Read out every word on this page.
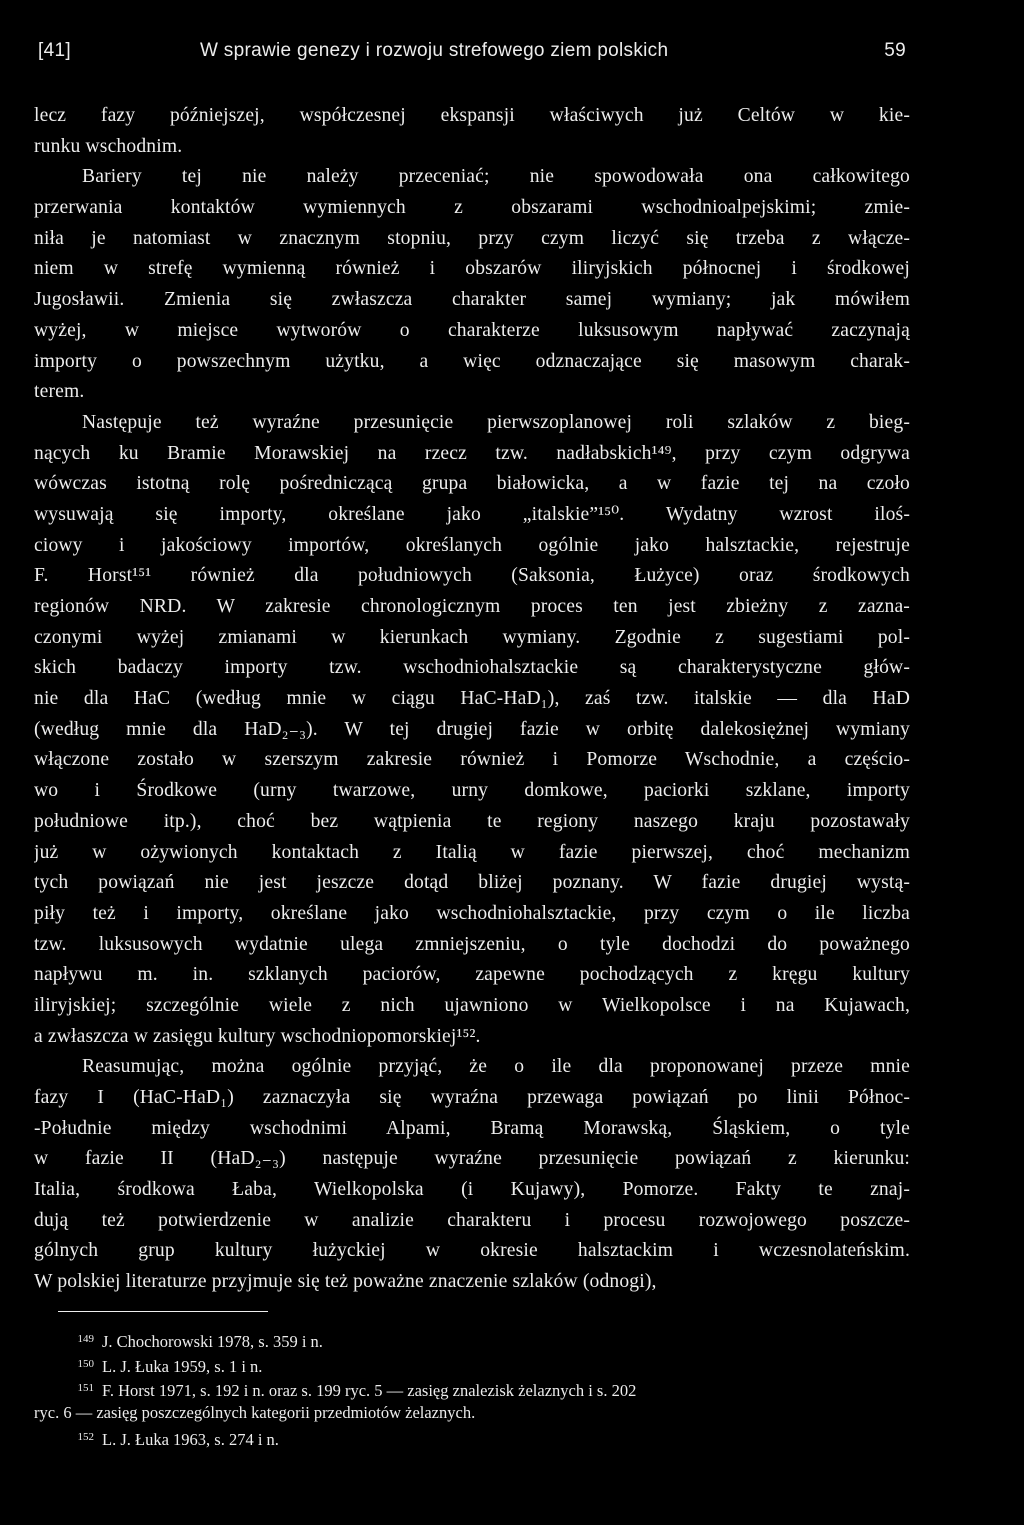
[41]	W sprawie genezy i rozwoju strefowego ziem polskich	59
lecz fazy późniejszej, współczesnej ekspansji właściwych już Celtów w kie-
runku wschodnim.
Bariery tej nie należy przeceniać; nie spowodowała ona całkowitego
przerwania kontaktów wymiennych z obszarami wschodnioalpejskimi; zmie-
niła je natomiast w znacznym stopniu, przy czym liczyć się trzeba z włącze-
niem w strefę wymienną również i obszarów iliryjskich północnej i środkowej
Jugosławii. Zmienia się zwłaszcza charakter samej wymiany; jak mówiłem
wyżej, w miejsce wytworów o charakterze luksusowym napływać zaczynają
importy o powszechnym użytku, a więc odznaczające się masowym charak-
terem.
Następuje też wyraźne przesunięcie pierwszoplanowej roli szlaków z bieg-
nących ku Bramie Morawskiej na rzecz tzw. nadłabskich¹⁴⁹, przy czym odgrywa
wówczas istotną rolę pośredniczącą grupa białowicka, a w fazie tej na czoło
wysuwają się importy, określane jako „italskie”¹⁵⁰. Wydatny wzrost iloś-
ciowy i jakościowy importów, określanych ogólnie jako halsztackie, rejestruje
F. Horst¹⁵¹ również dla południowych (Saksonia, Łużyce) oraz środkowych
regionów NRD. W zakresie chronologicznym proces ten jest zbieżny z zazna-
czonymi wyżej zmianami w kierunkach wymiany. Zgodnie z sugestiami pol-
skich badaczy importy tzw. wschodniohalsztackie są charakterystyczne głów-
nie dla HaC (według mnie w ciągu HaC-HaD₁), zaś tzw. italskie — dla HaD
(według mnie dla HaD₂₋₃). W tej drugiej fazie w orbitę dalekosiężnej wymiany
włączone zostało w szerszym zakresie również i Pomorze Wschodnie, a częścio-
wo i Środkowe (urny twarzowe, urny domkowe, paciorki szklane, importy
południowe itp.), choć bez wątpienia te regiony naszego kraju pozostawały
już w ożywionych kontaktach z Italią w fazie pierwszej, choć mechanizm
tych powiązań nie jest jeszcze dotąd bliżej poznany. W fazie drugiej wystą-
piły też i importy, określane jako wschodniohalsztackie, przy czym o ile liczba
tzw. luksusowych wydatnie ulega zmniejszeniu, o tyle dochodzi do poważnego
napływu m. in. szklanych paciorów, zapewne pochodzących z kręgu kultury
iliryjskiej; szczególnie wiele z nich ujawniono w Wielkopolsce i na Kujawach,
a zwłaszcza w zasięgu kultury wschodniopomorskiej¹⁵².
Reasumując, można ogólnie przyjąć, że o ile dla proponowanej przeze mnie
fazy I (HaC-HaD₁) zaznaczyła się wyraźna przewaga powiązań po linii Północ-
-Południe między wschodnimi Alpami, Bramą Morawską, Śląskiem, o tyle
w fazie II (HaD₂₋₃) następuje wyraźne przesunięcie powiązań z kierunku:
Italia, środkowa Łaba, Wielkopolska (i Kujawy), Pomorze. Fakty te znaj-
dują też potwierdzenie w analizie charakteru i procesu rozwojowego poszcze-
gólnych grup kultury łużyckiej w okresie halsztackim i wczesnolateńskim.
W polskiej literaturze przyjmuje się też poważne znaczenie szlaków (odnogi),
149 J. Chochorowski 1978, s. 359 i n.
150 L. J. Łuka 1959, s. 1 i n.
151 F. Horst 1971, s. 192 i n. oraz s. 199 ryc. 5 — zasięg znalezisk żelaznych i s. 202
ryc. 6 — zasięg poszczególnych kategorii przedmiotów żelaznych.
152 L. J. Łuka 1963, s. 274 i n.
